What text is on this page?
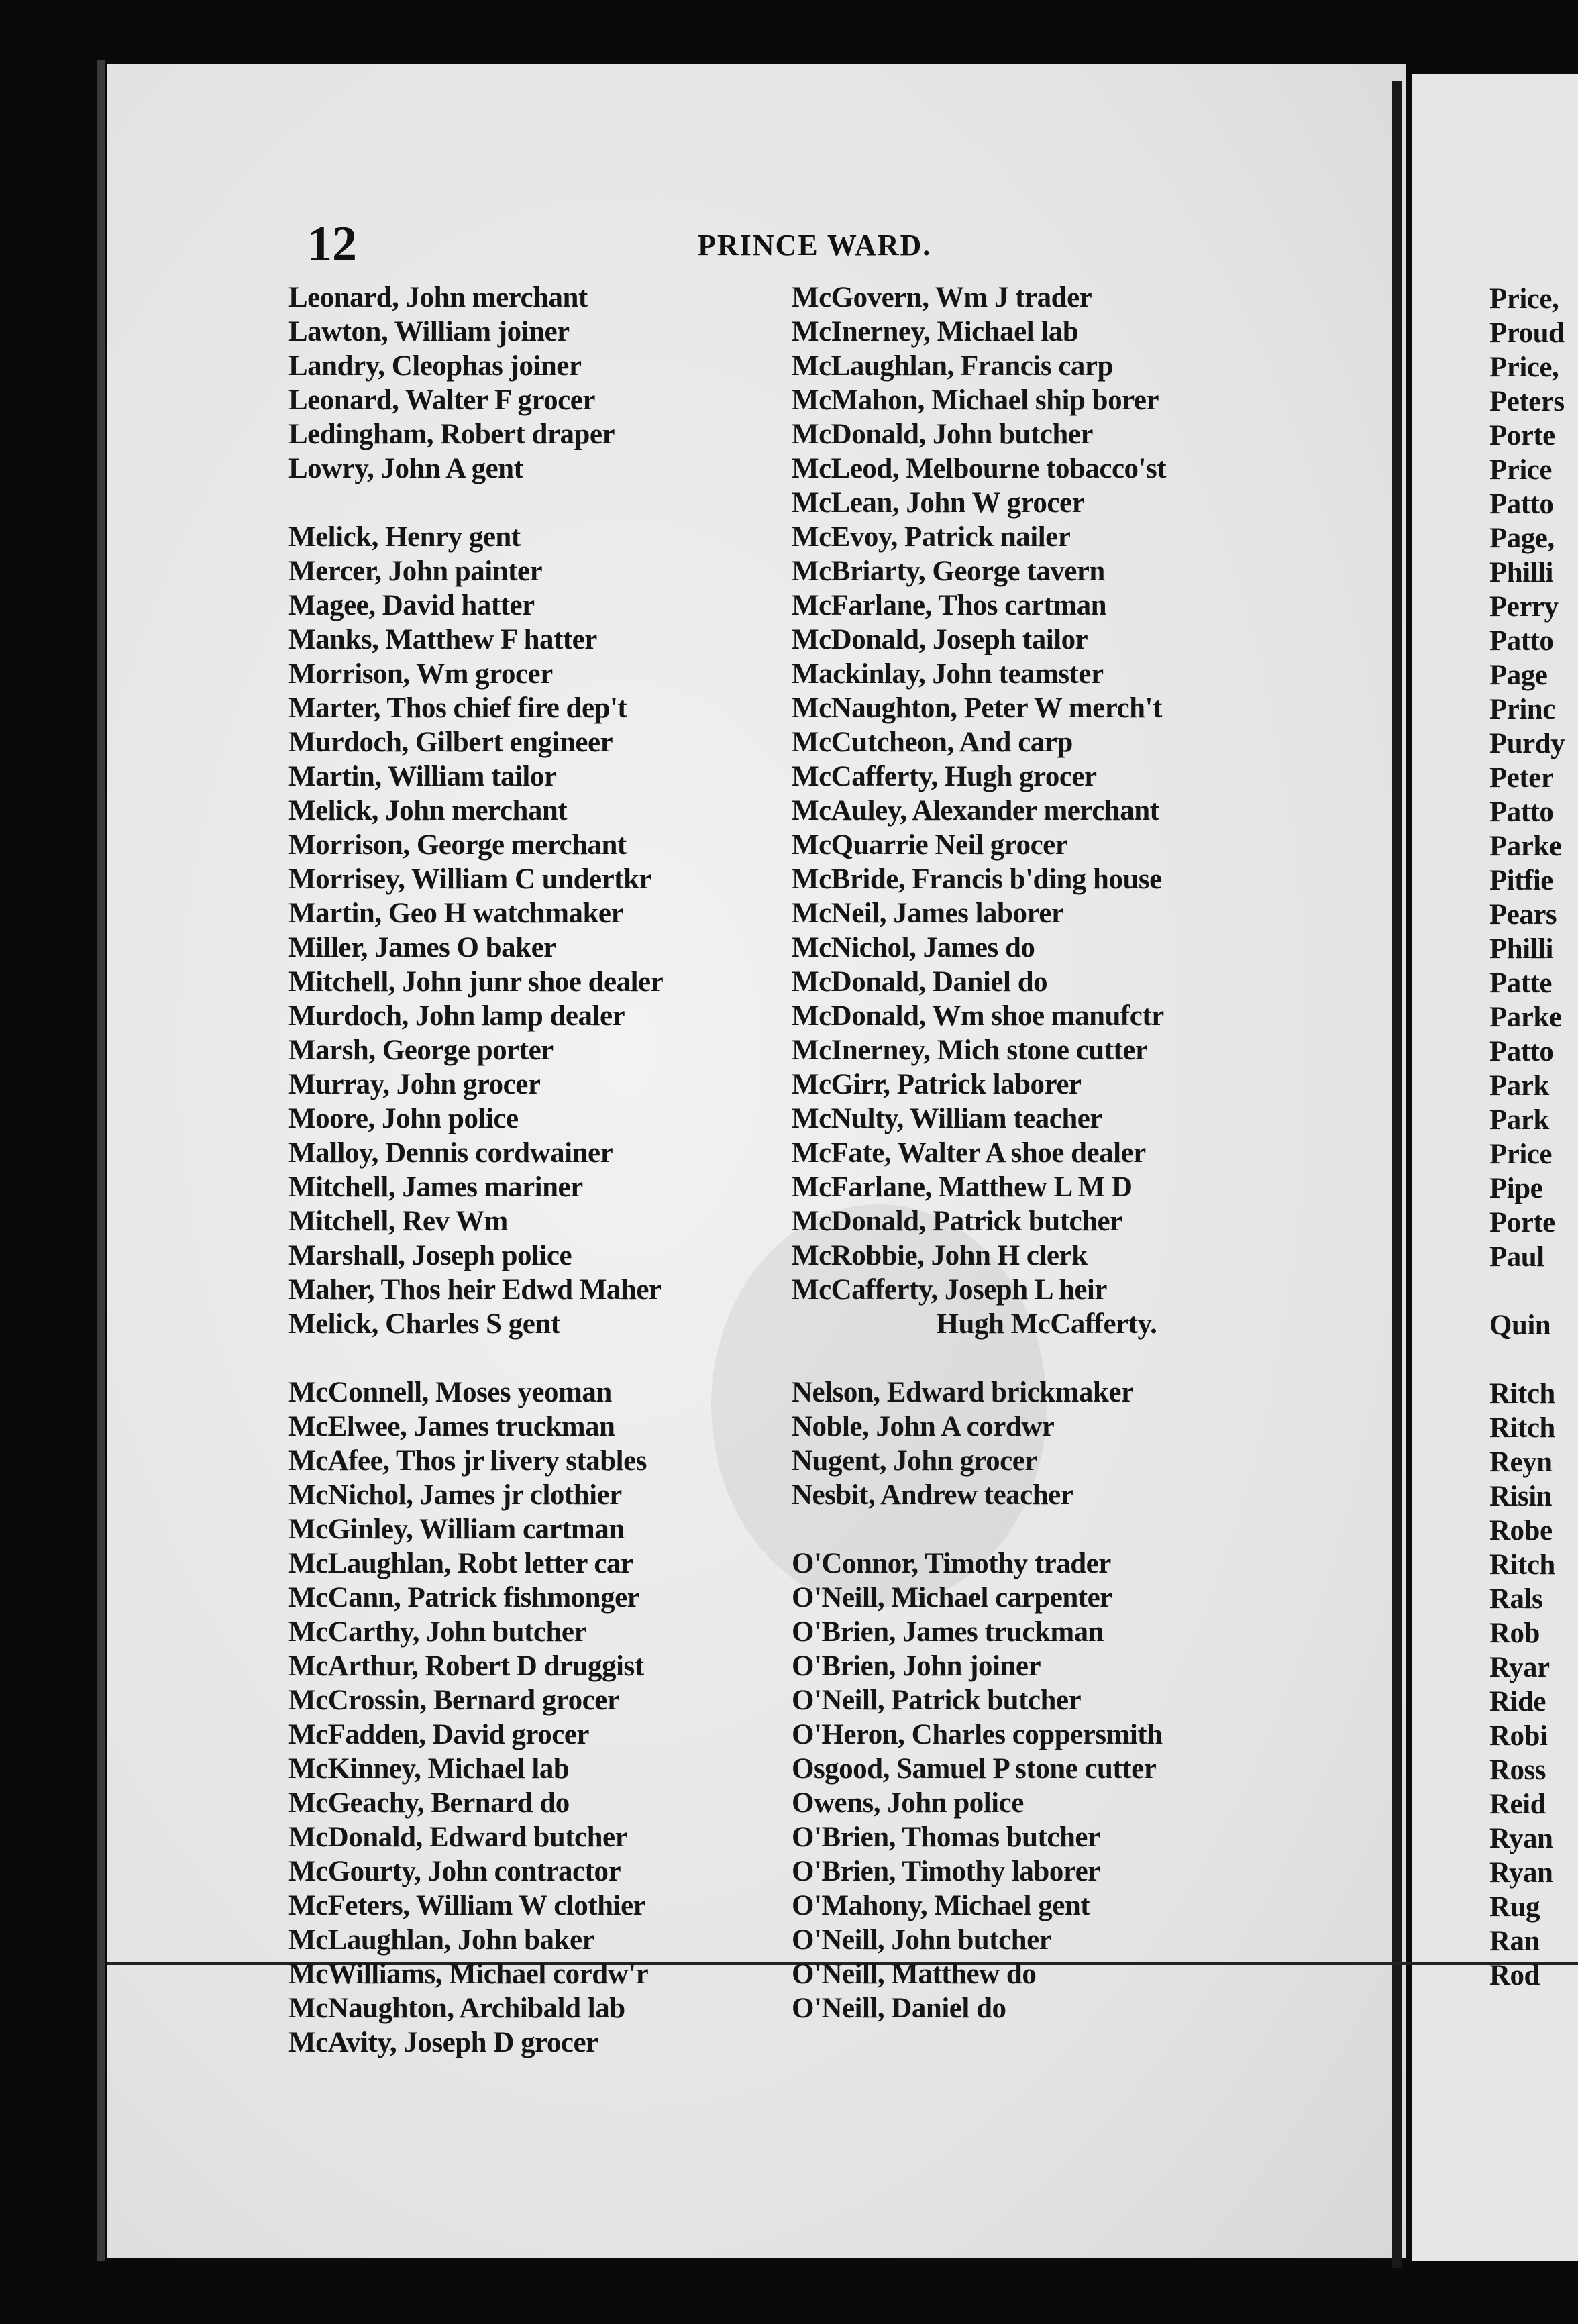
12	PRINCE WARD.
Leonard, John merchant
Lawton, William joiner
Landry, Cleophas joiner
Leonard, Walter F grocer
Ledingham, Robert draper
Lowry, John A gent
Melick, Henry gent
Mercer, John painter
Magee, David hatter
Manks, Matthew F hatter
Morrison, Wm grocer
Marter, Thos chief fire dep't
Murdoch, Gilbert engineer
Martin, William tailor
Melick, John merchant
Morrison, George merchant
Morrisey, William C undertkr
Martin, Geo H watchmaker
Miller, James O baker
Mitchell, John junr shoe dealer
Murdoch, John lamp dealer
Marsh, George porter
Murray, John grocer
Moore, John police
Malloy, Dennis cordwainer
Mitchell, James mariner
Mitchell, Rev Wm
Marshall, Joseph police
Maher, Thos heir Edwd Maher
Melick, Charles S gent
McConnell, Moses yeoman
McElwee, James truckman
McAfee, Thos jr livery stables
McNichol, James jr clothier
McGinley, William cartman
McLaughlan, Robt letter car
McCann, Patrick fishmonger
McCarthy, John butcher
McArthur, Robert D druggist
McCrossin, Bernard grocer
McFadden, David grocer
McKinney, Michael lab
McGeachy, Bernard do
McDonald, Edward butcher
McGourty, John contractor
McFeters, William W clothier
McLaughlan, John baker
McWilliams, Michael cordw'r
McNaughton, Archibald lab
McAvity, Joseph D grocer
McGovern, Wm J trader
McInerney, Michael lab
McLaughlan, Francis carp
McMahon, Michael ship borer
McDonald, John butcher
McLeod, Melbourne tobacco'st
McLean, John W grocer
McEvoy, Patrick nailer
McBriarty, George tavern
McFarlane, Thos cartman
McDonald, Joseph tailor
Mackinlay, John teamster
McNaughton, Peter W merch't
McCutcheon, And carp
McCafferty, Hugh grocer
McAuley, Alexander merchant
McQuarrie Neil grocer
McBride, Francis b'ding house
McNeil, James laborer
McNichol, James do
McDonald, Daniel do
McDonald, Wm shoe manufctr
McInerney, Mich stone cutter
McGirr, Patrick laborer
McNulty, William teacher
McFate, Walter A shoe dealer
McFarlane, Matthew L M D
McDonald, Patrick butcher
McRobbie, John H clerk
McCafferty, Joseph L heir
Hugh McCafferty.
Nelson, Edward brickmaker
Noble, John A cordwr
Nugent, John grocer
Nesbit, Andrew teacher
O'Connor, Timothy trader
O'Neill, Michael carpenter
O'Brien, James truckman
O'Brien, John joiner
O'Neill, Patrick butcher
O'Heron, Charles coppersmith
Osgood, Samuel P stone cutter
Owens, John police
O'Brien, Thomas butcher
O'Brien, Timothy laborer
O'Mahony, Michael gent
O'Neill, John butcher
O'Neill, Matthew do
O'Neill, Daniel do
Price,
Proud
Price,
Peters
Porte
Price
Patto
Page,
Philli
Perry
Patto
Page
Princ
Purdy
Peter
Patto
Parke
Pitfie
Pears
Philli
Patte
Parke
Patto
Park
Park
Price
Pipe
Porte
Paul
Quin
Ritch
Ritch
Reyn
Risin
Robe
Ritch
Rals
Rob
Ryar
Ride
Robi
Ross
Reid
Ryan
Ryan
Rug
Ran
Rod
